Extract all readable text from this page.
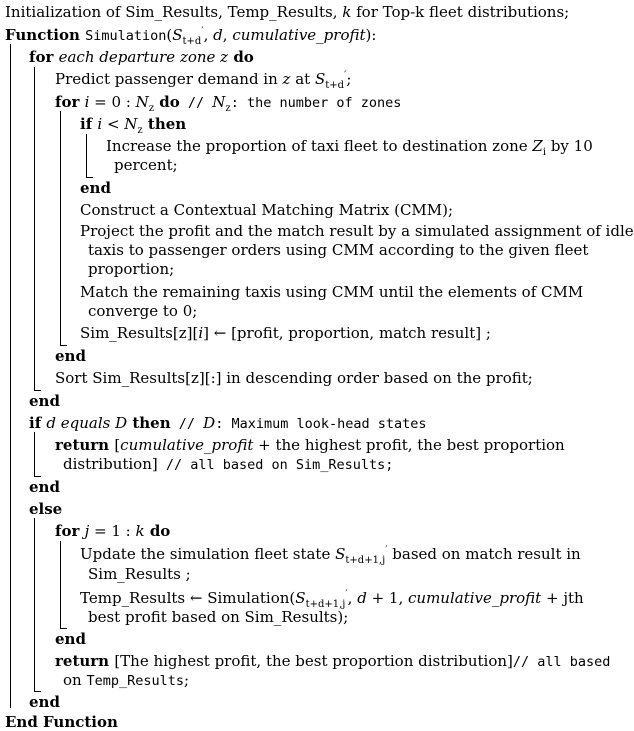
Initialization of Sim_Results, Temp_Results, k for Top-k fleet distributions;
Function $Simulation(S_{t+d}'$, d, cumulative_profit):
for each departure zone z do
Predict passenger demand in z at $S_{t+d}'$;
for i = 0 : $N_z$ do // $N_z$: the number of zones
if $i < N_z$ then
Increase the proportion of taxi fleet to destination zone $Z_i$ by 10
percent;
end
Construct a Contextual Matching Matrix (CMM);
Project the profit and the match result by a simulated assignment of idle
taxis to passenger orders using CMM according to the given fleet
proportion;
Match the remaining taxis using CMM until the elements of CMM
converge to 0;
Sim_Results[z][i] ← [profit, proportion, match result] ;
end
Sort Sim_Results[z][:] in descending order based on the profit;
end
if d equals D then // D: Maximum look-head states
return [cumulative_profit + the highest profit, the best proportion
distribution] // all based on Sim_Results;
end
else
for j = 1 : k do
Update the simulation fleet state $S_{t+d+1,j}'$ based on match result in
Sim_Results ;
Temp_Results ← $Simulation(S_{t+d+1,j}'$, d + 1, cumulative_profit + jth
best profit based on Sim_Results);
end
return [The highest profit, the best proportion distribution]// all based
on Temp_Results;
end
End Function
